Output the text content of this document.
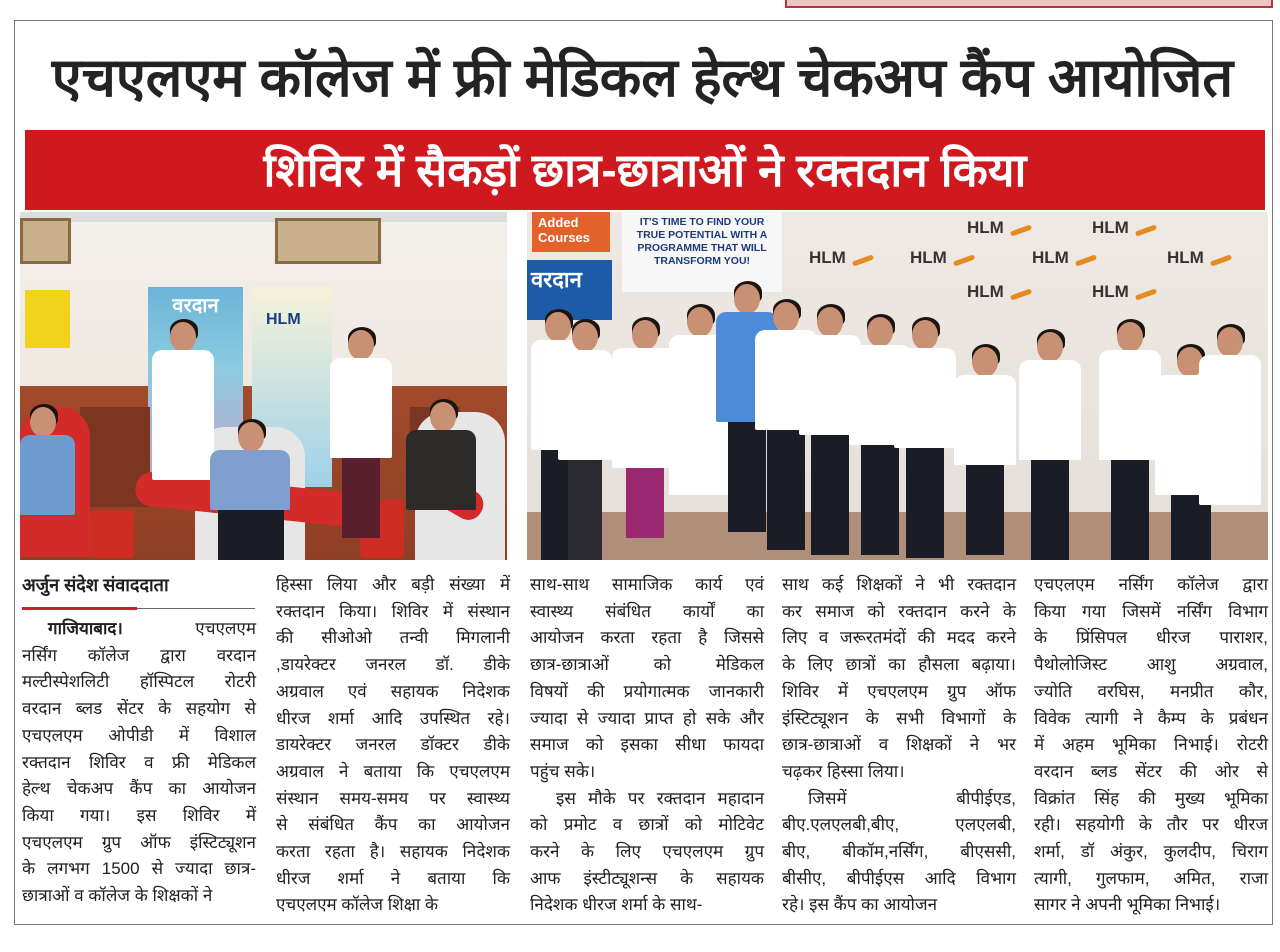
एचएलएम कॉलेज में फ्री मेडिकल हेल्थ चेकअप कैंप आयोजित
शिविर में सैकड़ों छात्र-छात्राओं ने रक्तदान किया
वरदान
HLM
Added Courses
वरदान
IT'S TIME TO FIND YOUR TRUE POTENTIAL WITH A PROGRAMME THAT WILL TRANSFORM YOU!	HLM	HLM
HLM
HLM
HLM
HLM
HLM	HLM
अर्जुन संदेश संवाददाता
गाजियाबाद।	एचएलएम
नर्सिंग कॉलेज द्वारा वरदान
मल्टीस्पेशलिटी हॉस्पिटल रोटरी
वरदान ब्लड सेंटर के सहयोग से
एचएलएम ओपीडी में विशाल
रक्तदान शिविर व फ्री मेडिकल
हेल्थ चेकअप कैंप का आयोजन
किया गया। इस शिविर में
एचएलएम ग्रुप ऑफ इंस्टिट्यूशन
के लगभग 1500 से ज्यादा छात्र-
छात्राओं व कॉलेज के शिक्षकों ने
हिस्सा लिया और बड़ी संख्या में
रक्तदान किया। शिविर में संस्थान
की सीओओ तन्वी मिगलानी
,डायरेक्टर जनरल डॉ. डीके
अग्रवाल एवं सहायक निदेशक
धीरज शर्मा आदि उपस्थित रहे।
डायरेक्टर जनरल डॉक्टर डीके
अग्रवाल ने बताया कि एचएलएम
संस्थान समय-समय पर स्वास्थ्य
से संबंधित कैंप का आयोजन
करता रहता है। सहायक निदेशक
धीरज शर्मा ने बताया कि
एचएलएम कॉलेज शिक्षा के
साथ-साथ सामाजिक कार्य एवं
स्वास्थ्य संबंधित कार्यों का
आयोजन करता रहता है जिससे
छात्र-छात्राओं को मेडिकल
विषयों की प्रयोगात्मक जानकारी
ज्यादा से ज्यादा प्राप्त हो सके और
समाज को इसका सीधा फायदा
पहुंच सके।
इस मौके पर रक्तदान महादान
को प्रमोट व छात्रों को मोटिवेट
करने के लिए एचएलएम ग्रुप
आफ इंस्टीट्यूशन्स के सहायक
निदेशक धीरज शर्मा के साथ-
साथ कई शिक्षकों ने भी रक्तदान
कर समाज को रक्तदान करने के
लिए व जरूरतमंदों की मदद करने
के लिए छात्रों का हौसला बढ़ाया।
शिविर में एचएलएम ग्रुप ऑफ
इंस्टिट्यूशन के सभी विभागों के
छात्र-छात्राओं व शिक्षकों ने भर
चढ़कर हिस्सा लिया।
जिसमें बीपीईएड,
बीए.एलएलबी,बीए, एलएलबी,
बीए, बीकॉम,नर्सिंग, बीएससी,
बीसीए, बीपीईएस आदि विभाग
रहे। इस कैंप का आयोजन
एचएलएम नर्सिंग कॉलेज द्वारा
किया गया जिसमें नर्सिंग विभाग
के प्रिंसिपल धीरज पाराशर,
पैथोलोजिस्ट आशु अग्रवाल,
ज्योति वरघिस, मनप्रीत कौर,
विवेक त्यागी ने कैम्प के प्रबंधन
में अहम भूमिका निभाई। रोटरी
वरदान ब्लड सेंटर की ओर से
विक्रांत सिंह की मुख्य भूमिका
रही। सहयोगी के तौर पर धीरज
शर्मा, डॉ अंकुर, कुलदीप, चिराग
त्यागी, गुलफाम, अमित, राजा
सागर ने अपनी भूमिका निभाई।
